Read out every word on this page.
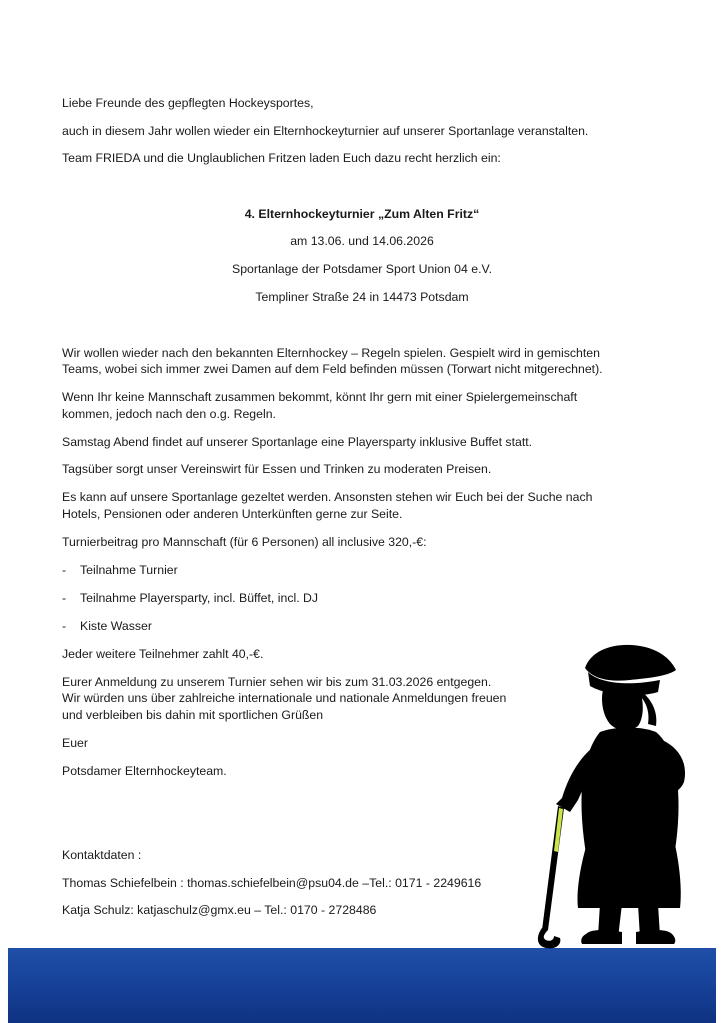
Liebe Freunde des gepflegten Hockeysportes,

auch in diesem Jahr wollen wieder ein Elternhockeyturnier auf unserer Sportanlage veranstalten.

Team FRIEDA und die Unglaublichen Fritzen laden Euch dazu recht herzlich ein:

4. Elternhockeyturnier „Zum Alten Fritz“

am 13.06. und 14.06.2026

Sportanlage der Potsdamer Sport Union 04 e.V.

Templiner Straße 24 in 14473 Potsdam

Wir wollen wieder nach den bekannten Elternhockey – Regeln spielen. Gespielt wird in gemischten

Teams, wobei sich immer zwei Damen auf dem Feld befinden müssen (Torwart nicht mitgerechnet).

Wenn Ihr keine Mannschaft zusammen bekommt, könnt Ihr gern mit einer Spielergemeinschaft

kommen, jedoch nach den o.g. Regeln.

Samstag Abend findet auf unserer Sportanlage eine Playersparty inklusive Buffet statt.

Tagsüber sorgt unser Vereinswirt für Essen und Trinken zu moderaten Preisen.

Es kann auf unsere Sportanlage gezeltet werden. Ansonsten stehen wir Euch bei der Suche nach

Hotels, Pensionen oder anderen Unterkünften gerne zur Seite.

Turnierbeitrag pro Mannschaft (für 6 Personen) all inclusive 320,-€:

- Teilnahme Turnier
- Teilnahme Playersparty, incl. Büffet, incl. DJ
- Kiste Wasser

Jeder weitere Teilnehmer zahlt 40,-€.

Eurer Anmeldung zu unserem Turnier sehen wir bis zum 31.03.2026 entgegen.

Wir würden uns über zahlreiche internationale und nationale Anmeldungen freuen

und verbleiben bis dahin mit sportlichen Grüßen

Euer

Potsdamer Elternhockeyteam.

Kontaktdaten :

Thomas Schiefelbein : thomas.schiefelbein@psu04.de –Tel.: 0171 - 2249616

Katja Schulz: katjaschulz@gmx.eu – Tel.: 0170 - 2728486
